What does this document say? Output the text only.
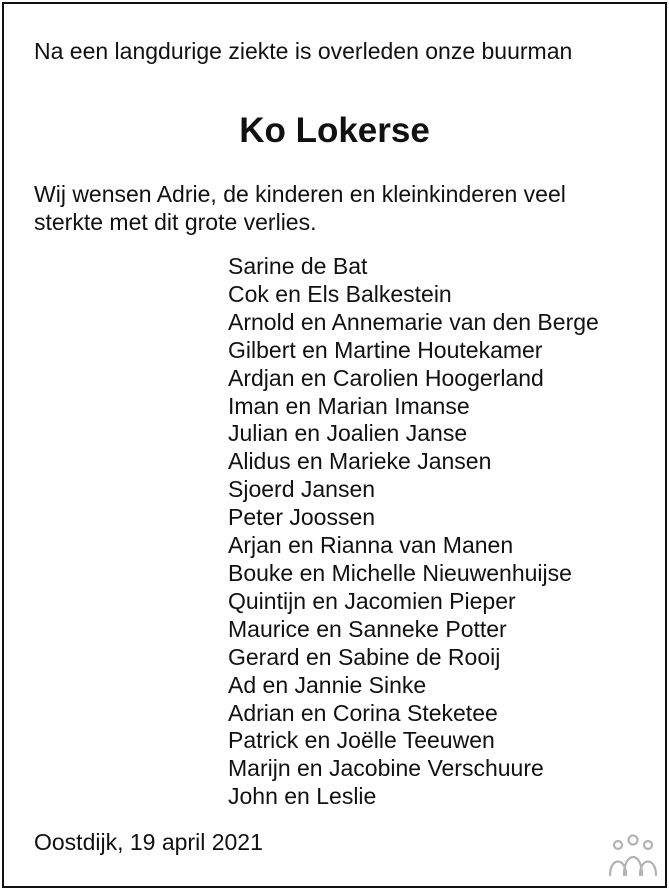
Na een langdurige ziekte is overleden onze buurman
Ko Lokerse
Wij wensen Adrie, de kinderen en kleinkinderen veel sterkte met dit grote verlies.
Sarine de Bat
Cok en Els Balkestein
Arnold en Annemarie van den Berge
Gilbert en Martine Houtekamer
Ardjan en Carolien Hoogerland
Iman en Marian Imanse
Julian en Joalien Janse
Alidus en Marieke Jansen
Sjoerd Jansen
Peter Joossen
Arjan en Rianna van Manen
Bouke en Michelle Nieuwenhuijse
Quintijn en Jacomien Pieper
Maurice en Sanneke Potter
Gerard en Sabine de Rooij
Ad en Jannie Sinke
Adrian en Corina Steketee
Patrick en Joëlle Teeuwen
Marijn en Jacobine Verschuure
John en Leslie
Oostdijk, 19 april 2021
